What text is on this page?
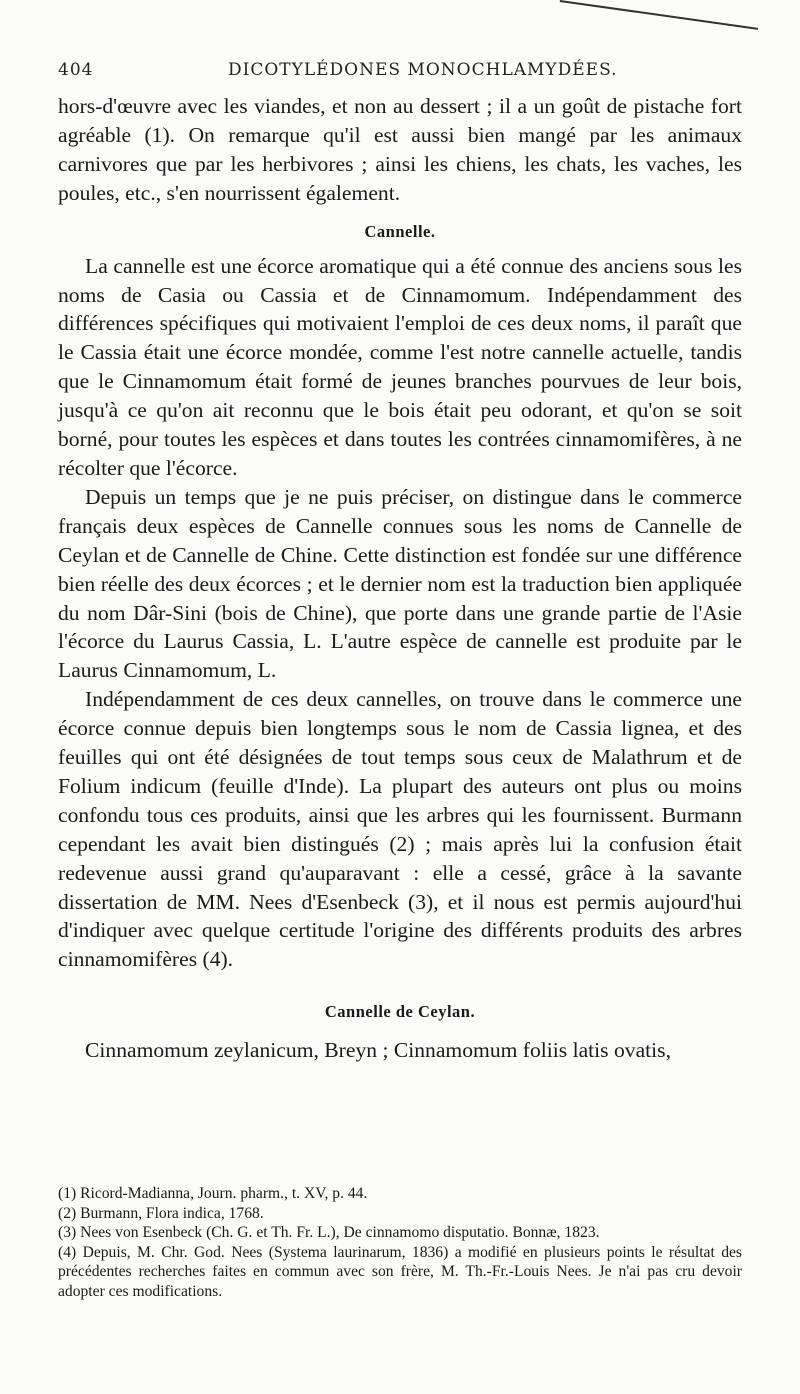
404	DICOTYLÉDONES MONOCHLAMYDÉES.

hors-d'œuvre avec les viandes, et non au dessert ; il a un goût de pistache fort agréable (1). On remarque qu'il est aussi bien mangé par les animaux carnivores que par les herbivores ; ainsi les chiens, les chats, les vaches, les poules, etc., s'en nourrissent également.

Cannelle.

La cannelle est une écorce aromatique qui a été connue des anciens sous les noms de Casia ou Cassia et de Cinnamomum. Indépendamment des différences spécifiques qui motivaient l'emploi de ces deux noms, il paraît que le Cassia était une écorce mondée, comme l'est notre cannelle actuelle, tandis que le Cinnamomum était formé de jeunes branches pourvues de leur bois, jusqu'à ce qu'on ait reconnu que le bois était peu odorant, et qu'on se soit borné, pour toutes les espèces et dans toutes les contrées cinnamomifères, à ne récolter que l'écorce.

Depuis un temps que je ne puis préciser, on distingue dans le commerce français deux espèces de Cannelle connues sous les noms de Cannelle de Ceylan et de Cannelle de Chine. Cette distinction est fondée sur une différence bien réelle des deux écorces ; et le dernier nom est la traduction bien appliquée du nom Dâr-Sini (bois de Chine), que porte dans une grande partie de l'Asie l'écorce du Laurus Cassia, L. L'autre espèce de cannelle est produite par le Laurus Cinnamomum, L.

Indépendamment de ces deux cannelles, on trouve dans le commerce une écorce connue depuis bien longtemps sous le nom de Cassia lignea, et des feuilles qui ont été désignées de tout temps sous ceux de Malathrum et de Folium indicum (feuille d'Inde). La plupart des auteurs ont plus ou moins confondu tous ces produits, ainsi que les arbres qui les fournissent. Burmann cependant les avait bien distingués (2) ; mais après lui la confusion était redevenue aussi grand qu'auparavant : elle a cessé, grâce à la savante dissertation de MM. Nees d'Esenbeck (3), et il nous est permis aujourd'hui d'indiquer avec quelque certitude l'origine des différents produits des arbres cinnamomifères (4).

Cannelle de Ceylan.

Cinnamomum zeylanicum, Breyn ; Cinnamomum foliis latis ovatis,

(1) Ricord-Madianna, Journ. pharm., t. XV, p. 44.

(2) Burmann, Flora indica, 1768.

(3) Nees von Esenbeck (Ch. G. et Th. Fr. L.), De cinnamomo disputatio. Bonnæ, 1823.

(4) Depuis, M. Chr. God. Nees (Systema laurinarum, 1836) a modifié en plusieurs points le résultat des précédentes recherches faites en commun avec son frère, M. Th.-Fr.-Louis Nees. Je n'ai pas cru devoir adopter ces modifications.
